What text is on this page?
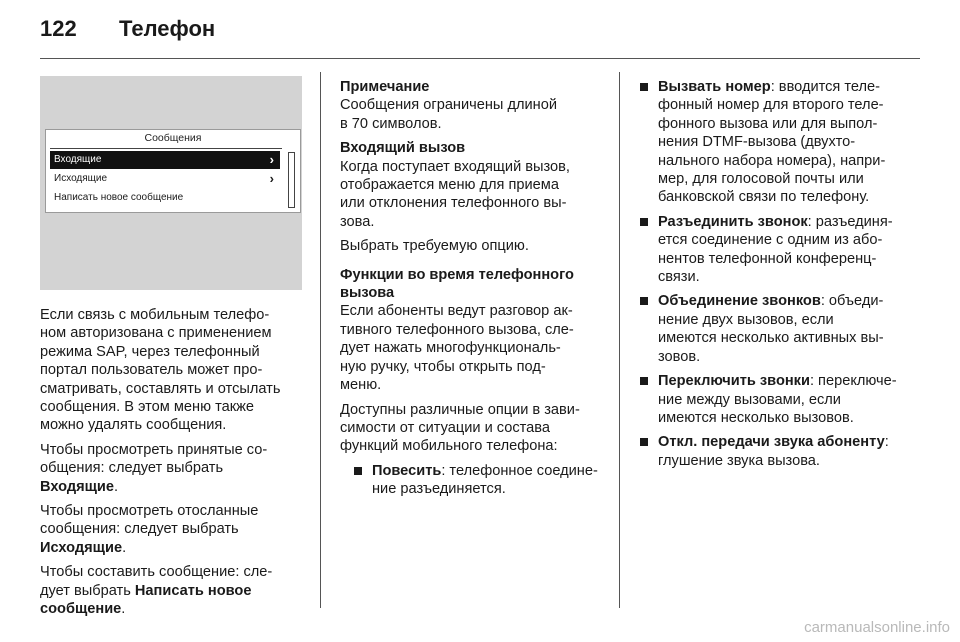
122 Телефон
Сообщения
Входящие	›
Исходящие	›
Написать новое сообщение

Если связь с мобильным телефо-
ном авторизована с применением
режима SAP, через телефонный
портал пользователь может про-
сматривать, составлять и отсылать
сообщения. В этом меню также
можно удалять сообщения.

Чтобы просмотреть принятые со-
общения: следует выбрать
Входящие.

Чтобы просмотреть отосланные
сообщения: следует выбрать
Исходящие.

Чтобы составить сообщение: сле-
дует выбрать Написать новое
сообщение.

Примечание

Сообщения ограничены длиной
в 70 символов.

Входящий вызов

Когда поступает входящий вызов,
отображается меню для приема
или отклонения телефонного вы-
зова.

Выбрать требуемую опцию.

Функции во время телефонного
вызова

Если абоненты ведут разговор ак-
тивного телефонного вызова, сле-
дует нажать многофункциональ-
ную ручку, чтобы открыть под-
меню.

Доступны различные опции в зави-
симости от ситуации и состава
функций мобильного телефона:

Повесить: телефонное соедине-
ние разъединяется.
Вызвать номер: вводится теле-
фонный номер для второго теле-
фонного вызова или для выпол-
нения DTMF-вызова (двухто-
нального набора номера), напри-
мер, для голосовой почты или
банковской связи по телефону.
Разъединить звонок: разъединя-
ется соединение с одним из або-
нентов телефонной конференц-
связи.
Объединение звонков: объеди-
нение двух вызовов, если
имеются несколько активных вы-
зовов.
Переключить звонки: переключе-
ние между вызовами, если
имеются несколько вызовов.
Откл. передачи звука абоненту:
глушение звука вызова.
carmanualsonline.info
